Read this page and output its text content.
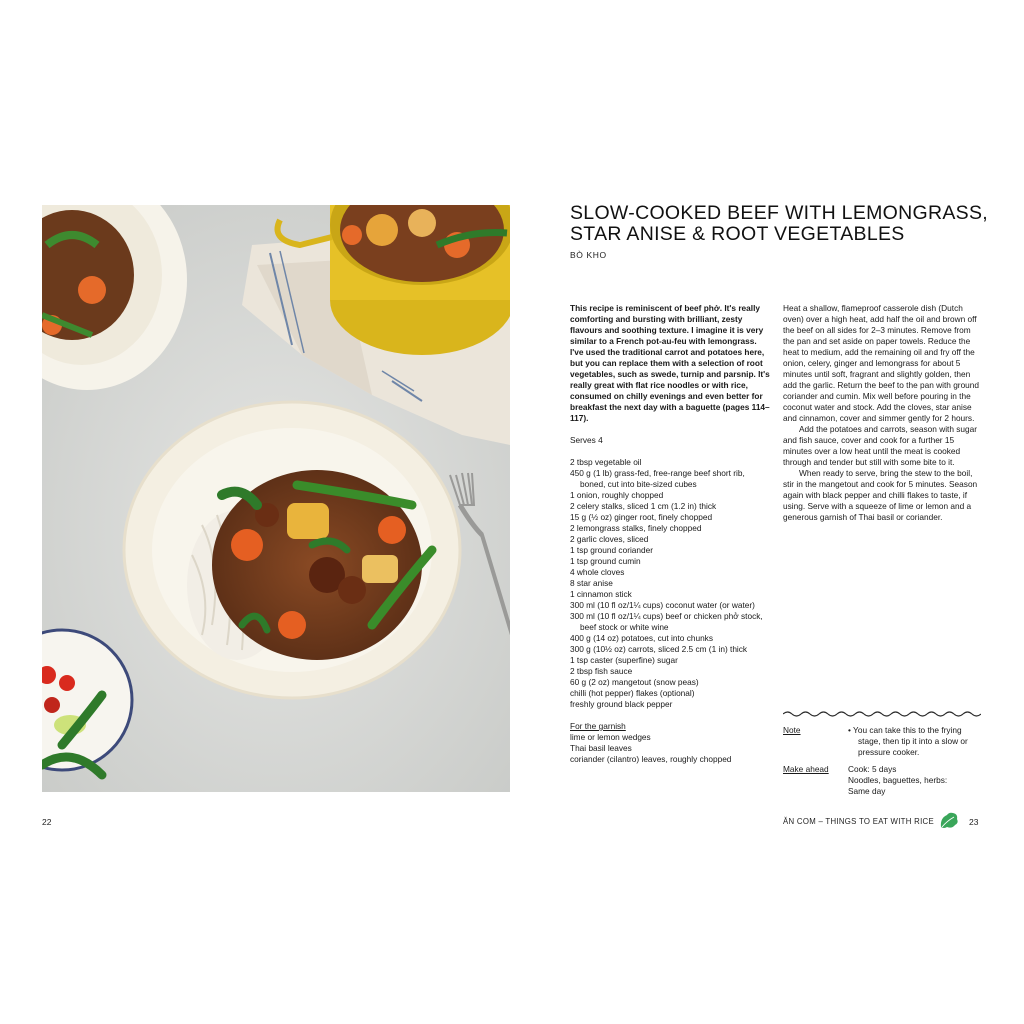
SLOW-COOKED BEEF WITH LEMONGRASS,
STAR ANISE & ROOT VEGETABLES
BÒ KHO

This recipe is reminiscent of beef phở. It's really comforting and bursting with brilliant, zesty flavours and soothing texture. I imagine it is very similar to a French pot-au-feu with lemongrass. I've used the traditional carrot and potatoes here, but you can replace them with a selection of root vegetables, such as swede, turnip and parsnip. It's really great with flat rice noodles or with rice, consumed on chilly evenings and even better for breakfast the next day with a baguette (pages 114–117).

Serves 4

2 tbsp vegetable oil
450 g (1 lb) grass-fed, free-range beef short rib, boned, cut into bite-sized cubes
1 onion, roughly chopped
2 celery stalks, sliced 1 cm (1.2 in) thick
15 g (½ oz) ginger root, finely chopped
2 lemongrass stalks, finely chopped
2 garlic cloves, sliced
1 tsp ground coriander
1 tsp ground cumin
4 whole cloves
8 star anise
1 cinnamon stick
300 ml (10 fl oz/1¼ cups) coconut water (or water)
300 ml (10 fl oz/1¼ cups) beef or chicken phở stock, beef stock or white wine
400 g (14 oz) potatoes, cut into chunks
300 g (10½ oz) carrots, sliced 2.5 cm (1 in) thick
1 tsp caster (superfine) sugar
2 tbsp fish sauce
60 g (2 oz) mangetout (snow peas)
chilli (hot pepper) flakes (optional)
freshly ground black pepper
For the garnish
lime or lemon wedges
Thai basil leaves
coriander (cilantro) leaves, roughly chopped

Heat a shallow, flameproof casserole dish (Dutch oven) over a high heat, add half the oil and brown off the beef on all sides for 2–3 minutes. Remove from the pan and set aside on paper towels. Reduce the heat to medium, add the remaining oil and fry off the onion, celery, ginger and lemongrass for about 5 minutes until soft, fragrant and slightly golden, then add the garlic. Return the beef to the pan with ground coriander and cumin. Mix well before pouring in the coconut water and stock. Add the cloves, star anise and cinnamon, cover and simmer gently for 2 hours.

Add the potatoes and carrots, season with sugar and fish sauce, cover and cook for a further 15 minutes over a low heat until the meat is cooked through and tender but still with some bite to it.

When ready to serve, bring the stew to the boil, stir in the mangetout and cook for 5 minutes. Season again with black pepper and chilli flakes to taste, if using. Serve with a squeeze of lime or lemon and a generous garnish of Thai basil or coriander.

Note	• You can take this to the frying stage, then tip it into a slow or pressure cooker.
Make ahead	Cook: 5 days
Noodles, baguettes, herbs:
Same day
22	ĂN COM – THINGS TO EAT WITH RICE	23
